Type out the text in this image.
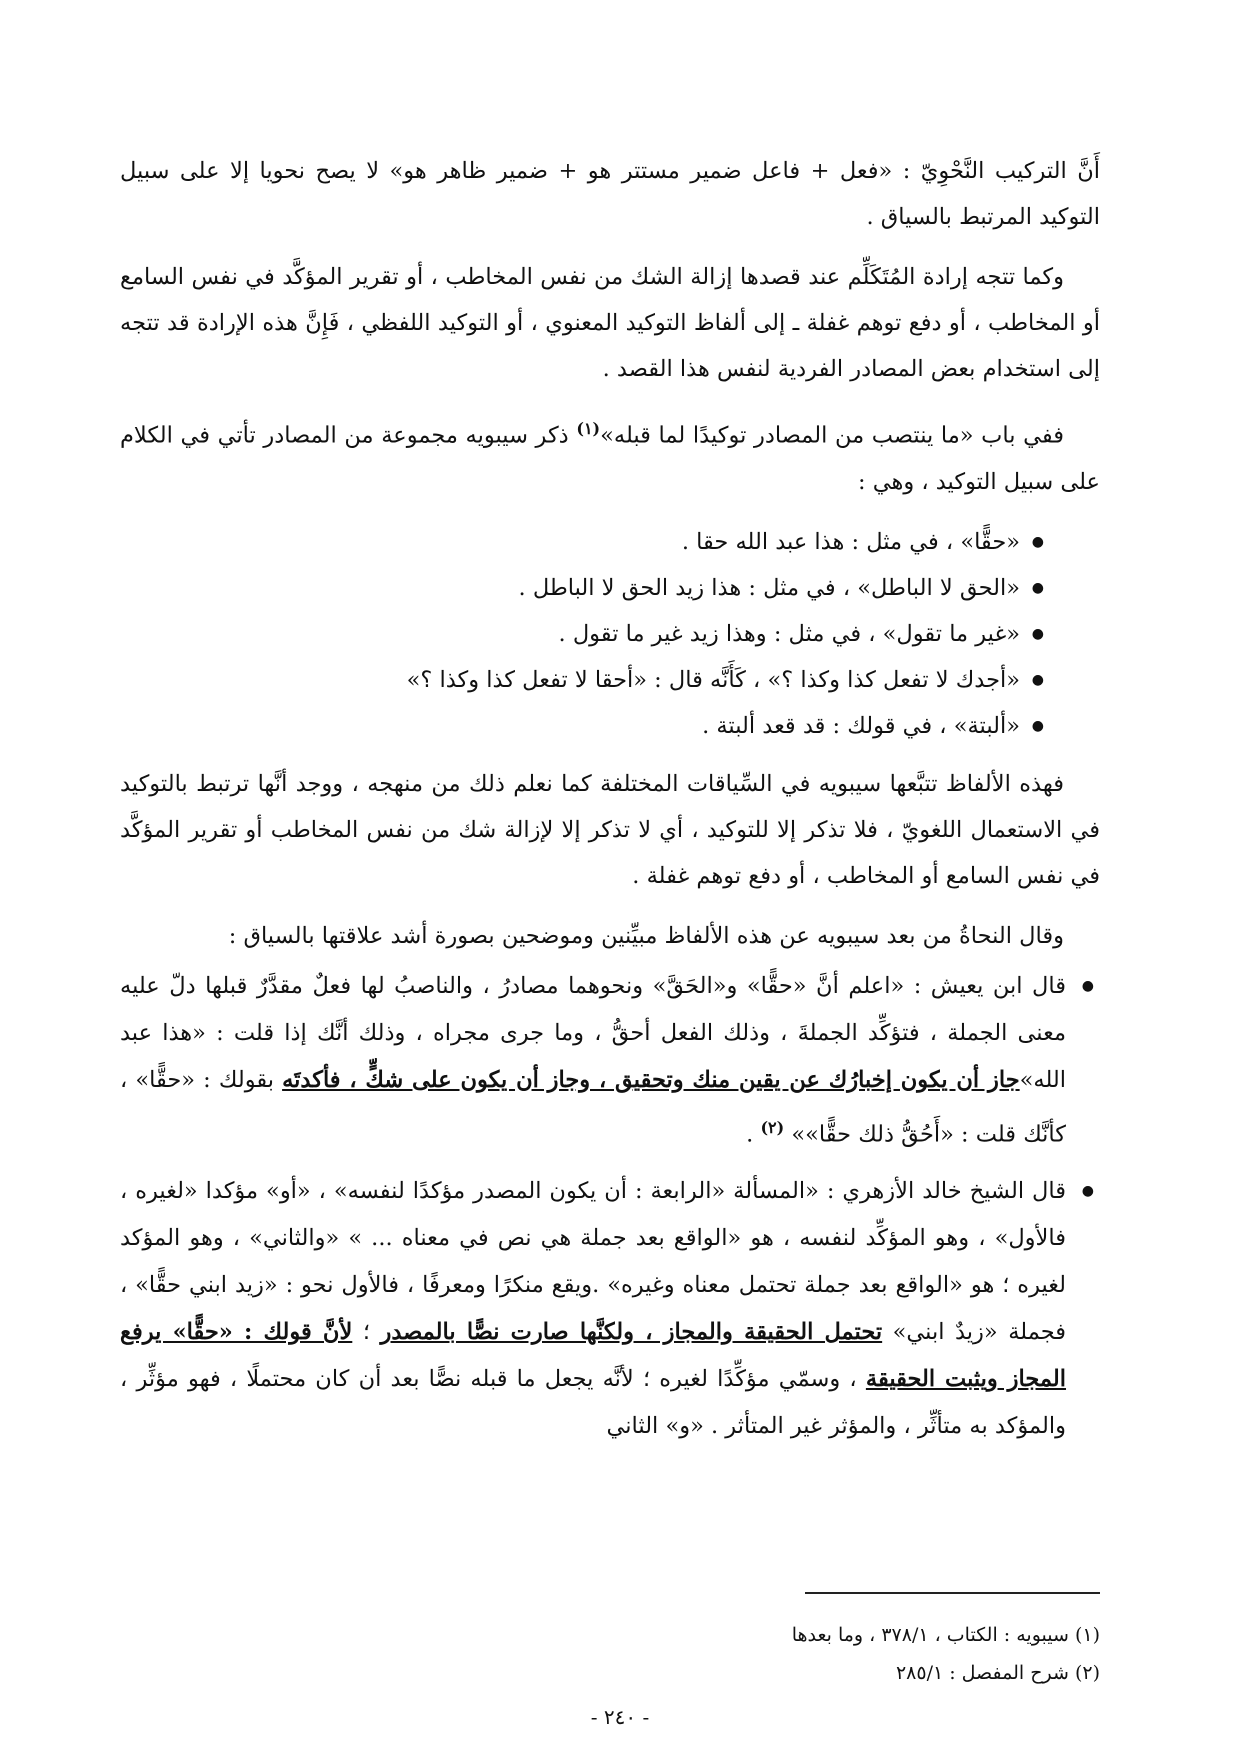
أَنَّ التركيب النَّحْوِيّ : «فعل + فاعل ضمير مستتر هو + ضمير ظاهر هو» لا يصح نحويا إلا على سبيل التوكيد المرتبط بالسياق .

وكما تتجه إرادة المُتَكَلِّم عند قصدها إزالة الشك من نفس المخاطب ، أو تقرير المؤكَّد في نفس السامع أو المخاطب ، أو دفع توهم غفلة ـ إلى ألفاظ التوكيد المعنوي ، أو التوكيد اللفظي ، فَإِنَّ هذه الإرادة قد تتجه إلى استخدام بعض المصادر الفردية لنفس هذا القصد .

ففي باب «ما ينتصب من المصادر توكيدًا لما قبله»$^{(١)}$ ذكر سيبويه مجموعة من المصادر تأتي في الكلام على سبيل التوكيد ، وهي :

● «حقًّا» ، في مثل : هذا عبد الله حقا .
● «الحق لا الباطل» ، في مثل : هذا زيد الحق لا الباطل .
● «غير ما تقول» ، في مثل : وهذا زيد غير ما تقول .
● «أجدك لا تفعل كذا وكذا ؟» ، كَأَنَّه قال : «أحقا لا تفعل كذا وكذا ؟»
● «ألبتة» ، في قولك : قد قعد ألبتة .

فهذه الألفاظ تتبَّعها سيبويه في السِّياقات المختلفة كما نعلم ذلك من منهجه ، ووجد أنَّها ترتبط بالتوكيد في الاستعمال اللغويّ ، فلا تذكر إلا للتوكيد ، أي لا تذكر إلا لإزالة شك من نفس المخاطب أو تقرير المؤكَّد في نفس السامع أو المخاطب ، أو دفع توهم غفلة .

وقال النحاةُ من بعد سيبويه عن هذه الألفاظ مبيِّنين وموضحين بصورة أشد علاقتها بالسياق :

● قال ابن يعيش : «اعلم أنَّ «حقًّا» و«الحَقَّ» ونحوهما مصادرُ ، والناصبُ لها فعلٌ مقدَّرٌ قبلها دلّ عليه معنى الجملة ، فتؤكِّد الجملةَ ، وذلك الفعل أحقُّ ، وما جرى مجراه ، وذلك أنَّك إذا قلت : «هذا عبد الله»جاز أن يكون إخبارُك عن يقين منك وتحقيق ، وجاز أن يكون على شكٍّ ، فأكدتَه بقولك : «حقًّا» ، كأنَّك قلت : «أَحُقُّ ذلك حقًّا»» $^{(٢)}$ .
● قال الشيخ خالد الأزهري : «المسألة «الرابعة : أن يكون المصدر مؤكدًا لنفسه» ، «أو» مؤكدا «لغيره ، فالأول» ، وهو المؤكِّد لنفسه ، هو «الواقع بعد جملة هي نص في معناه ... » «والثاني» ، وهو المؤكد لغيره ؛ هو «الواقع بعد جملة تحتمل معناه وغيره» .ويقع منكرًا ومعرفًا ، فالأول نحو : «زيد ابني حقًّا» ، فجملة «زيدٌ ابني» تحتمل الحقيقة والمجاز ، ولكنَّها صارت نصًّا بالمصدر ؛ لأنَّ قولك : «حقًّا» يرفع المجاز ويثبت الحقيقة ، وسمّي مؤكِّدًا لغيره ؛ لأنَّه يجعل ما قبله نصًّا بعد أن كان محتملًا ، فهو مؤثِّر ، والمؤكد به متأثِّر ، والمؤثر غير المتأثر . «و» الثاني
(١) سيبويه : الكتاب ، ٣٧٨/١ ، وما بعدها
(٢) شرح المفصل : ٢٨٥/١
- ٢٤٠ -
